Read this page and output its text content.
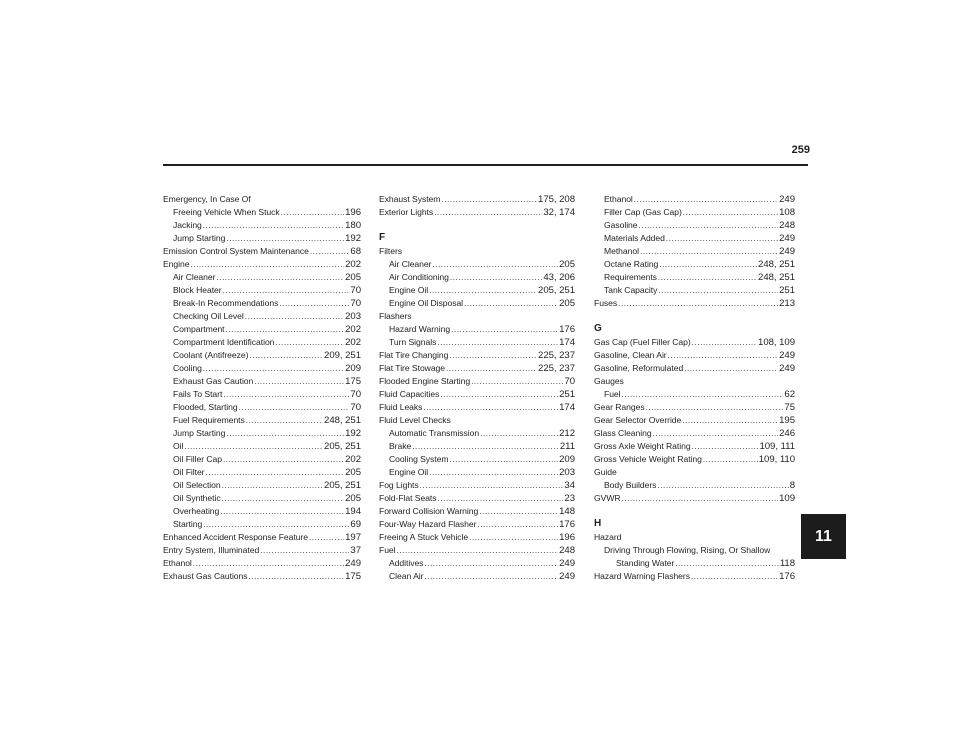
259
11
Emergency, In Case Of
Freeing Vehicle When Stuck .....	196
Jacking .....	180
Jump Starting .....	192
Emission Control System Maintenance .....	68
Engine .....	202
Air Cleaner .....	205
Block Heater .....	70
Break-In Recommendations .....	70
Checking Oil Level .....	203
Compartment .....	202
Compartment Identification .....	202
Coolant (Antifreeze) .....	209, 251
Cooling .....	209
Exhaust Gas Caution .....	175
Fails To Start .....	70
Flooded, Starting .....	70
Fuel Requirements .....	248, 251
Jump Starting .....	192
Oil .....	205, 251
Oil Filler Cap .....	202
Oil Filter .....	205
Oil Selection .....	205, 251
Oil Synthetic .....	205
Overheating .....	194
Starting .....	69
Enhanced Accident Response Feature .....	197
Entry System, Illuminated .....	37
Ethanol .....	249
Exhaust Gas Cautions .....	175
Exhaust System .....	175, 208
Exterior Lights .....	32, 174
F
Filters
Air Cleaner .....	205
Air Conditioning .....	43, 206
Engine Oil .....	205, 251
Engine Oil Disposal .....	205
Flashers
Hazard Warning .....	176
Turn Signals .....	174
Flat Tire Changing .....	225, 237
Flat Tire Stowage .....	225, 237
Flooded Engine Starting .....	70
Fluid Capacities .....	251
Fluid Leaks .....	174
Fluid Level Checks
Automatic Transmission .....	212
Brake .....	211
Cooling System .....	209
Engine Oil .....	203
Fog Lights .....	34
Fold-Flat Seats .....	23
Forward Collision Warning .....	148
Four-Way Hazard Flasher .....	176
Freeing A Stuck Vehicle .....	196
Fuel .....	248
Additives .....	249
Clean Air .....	249
Ethanol .....	249
Filler Cap (Gas Cap) .....	108
Gasoline .....	248
Materials Added .....	249
Methanol .....	249
Octane Rating .....	248, 251
Requirements .....	248, 251
Tank Capacity .....	251
Fuses .....	213
G
Gas Cap (Fuel Filler Cap) .....	108, 109
Gasoline, Clean Air .....	249
Gasoline, Reformulated .....	249
Gauges
Fuel .....	62
Gear Ranges .....	75
Gear Selector Override .....	195
Glass Cleaning .....	246
Gross Axle Weight Rating .....	109, 111
Gross Vehicle Weight Rating .....	109, 110
Guide
Body Builders .....	8
GVWR .....	109
H
Hazard
Driving Through Flowing, Rising, Or Shallow
Standing Water .....	118
Hazard Warning Flashers .....	176
